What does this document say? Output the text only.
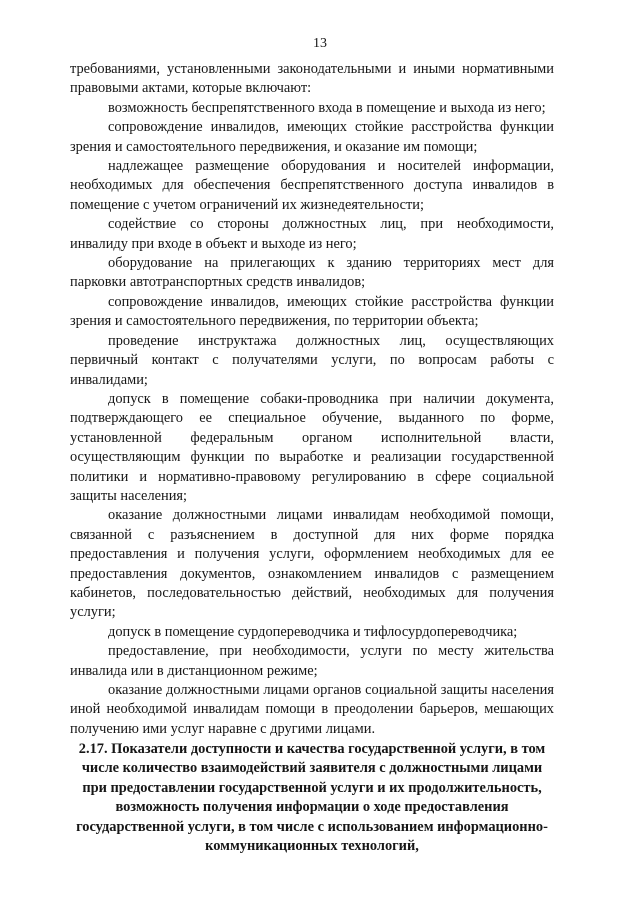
13

требованиями, установленными законодательными и иными нормативными правовыми актами, которые включают:

возможность беспрепятственного входа в помещение и выхода из него;

сопровождение инвалидов, имеющих стойкие расстройства функции зрения и самостоятельного передвижения, и оказание им помощи;

надлежащее размещение оборудования и носителей информации, необходимых для обеспечения беспрепятственного доступа инвалидов в помещение с учетом ограничений их жизнедеятельности;

содействие со стороны должностных лиц, при необходимости, инвалиду при входе в объект и выходе из него;

оборудование на прилегающих к зданию территориях мест для парковки автотранспортных средств инвалидов;

сопровождение инвалидов, имеющих стойкие расстройства функции зрения и самостоятельного передвижения, по территории объекта;

проведение инструктажа должностных лиц, осуществляющих первичный контакт с получателями услуги, по вопросам работы с инвалидами;

допуск в помещение собаки-проводника при наличии документа, подтверждающего ее специальное обучение, выданного по форме, установленной федеральным органом исполнительной власти, осуществляющим функции по выработке и реализации государственной политики и нормативно-правовому регулированию в сфере социальной защиты населения;

оказание должностными лицами инвалидам необходимой помощи, связанной с разъяснением в доступной для них форме порядка предоставления и получения услуги, оформлением необходимых для ее предоставления документов, ознакомлением инвалидов с размещением кабинетов, последовательностью действий, необходимых для получения услуги;

допуск в помещение сурдопереводчика и тифлосурдопереводчика;

предоставление, при необходимости, услуги по месту жительства инвалида или в дистанционном режиме;

оказание должностными лицами органов социальной защиты населения иной необходимой инвалидам помощи в преодолении барьеров, мешающих получению ими услуг наравне с другими лицами.

2.17. Показатели доступности и качества государственной услуги, в том числе количество взаимодействий заявителя с должностными лицами при предоставлении государственной услуги и их продолжительность, возможность получения информации о ходе предоставления государственной услуги, в том числе с использованием информационно-коммуникационных технологий,
